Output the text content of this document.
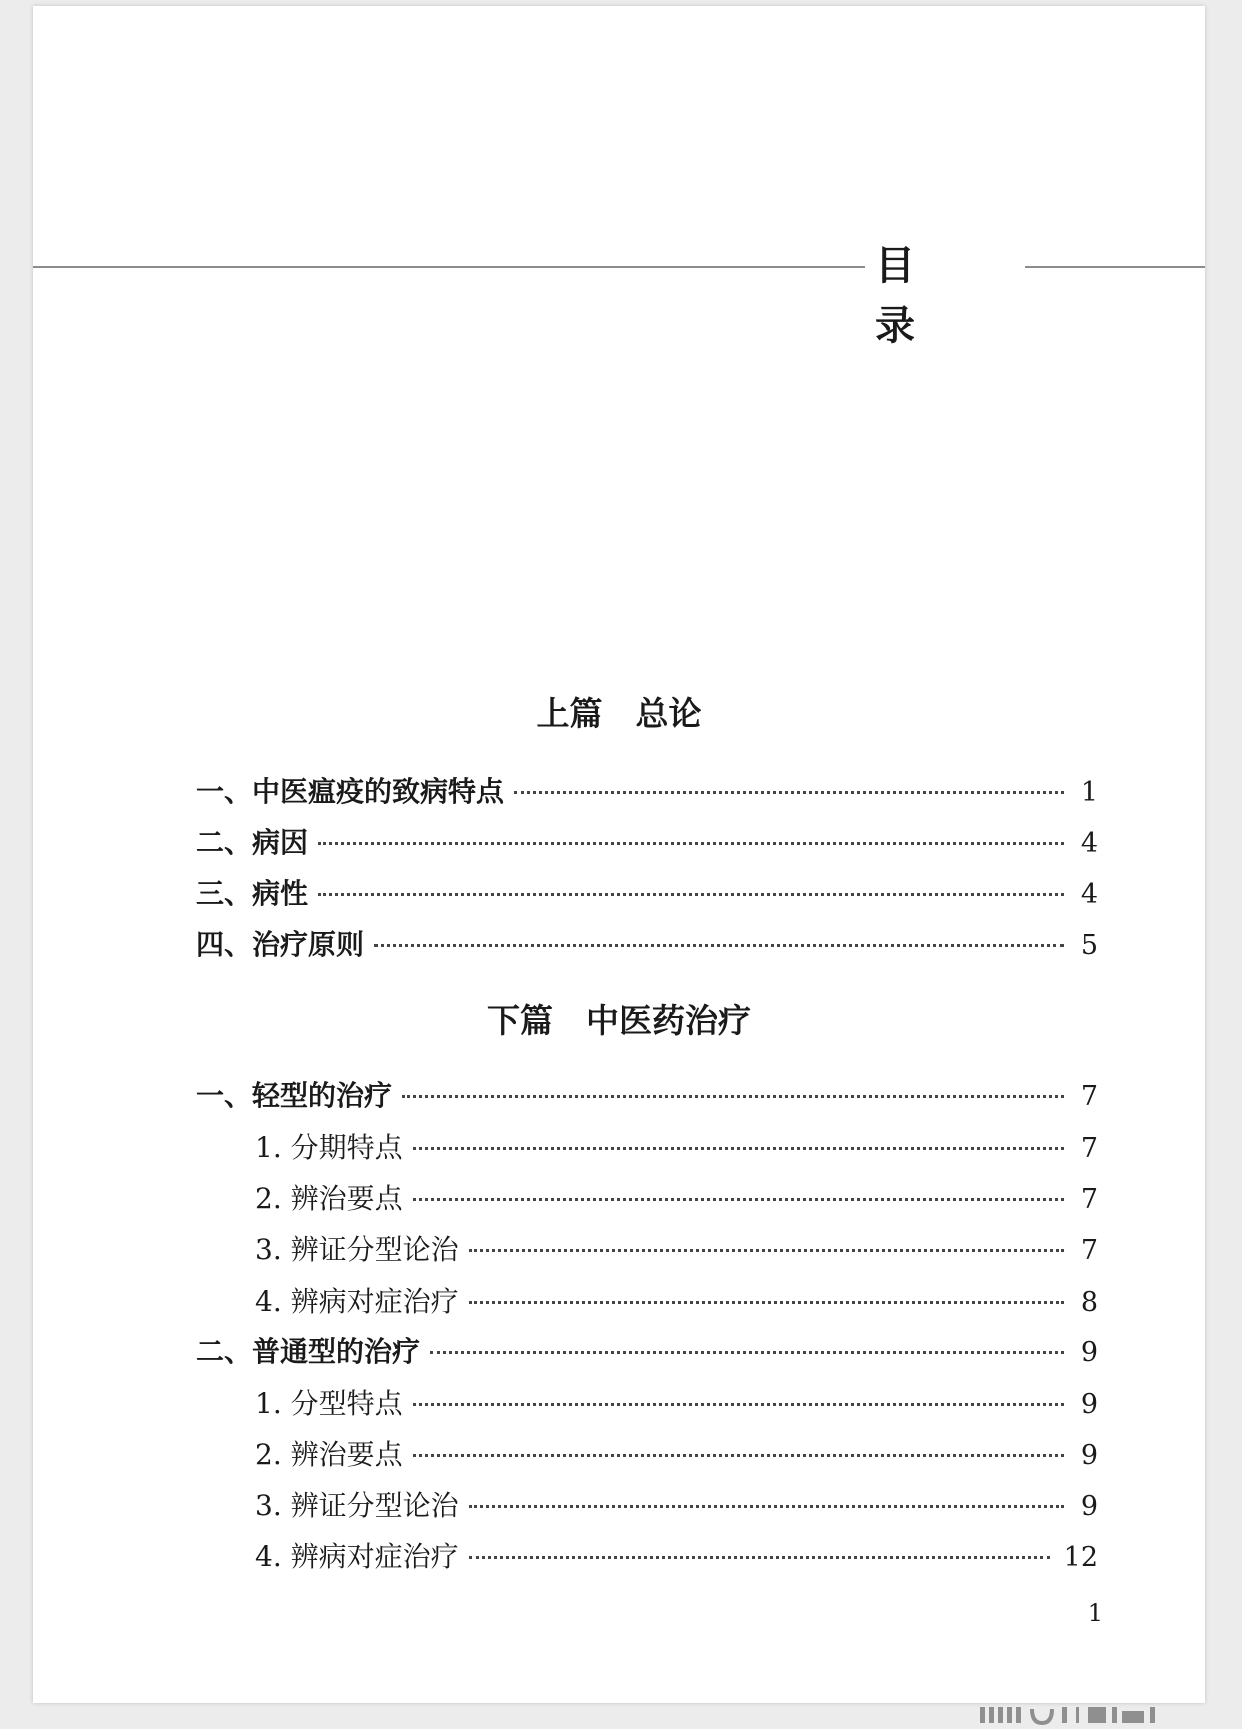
目 录
上篇　总论
一、中医瘟疫的致病特点	1
二、病因	4
三、病性	4
四、治疗原则	5
下篇　中医药治疗
一、轻型的治疗	7
1. 分期特点	7
2. 辨治要点	7
3. 辨证分型论治	7
4. 辨病对症治疗	8
二、普通型的治疗	9
1. 分型特点	9
2. 辨治要点	9
3. 辨证分型论治	9
4. 辨病对症治疗	12
1
